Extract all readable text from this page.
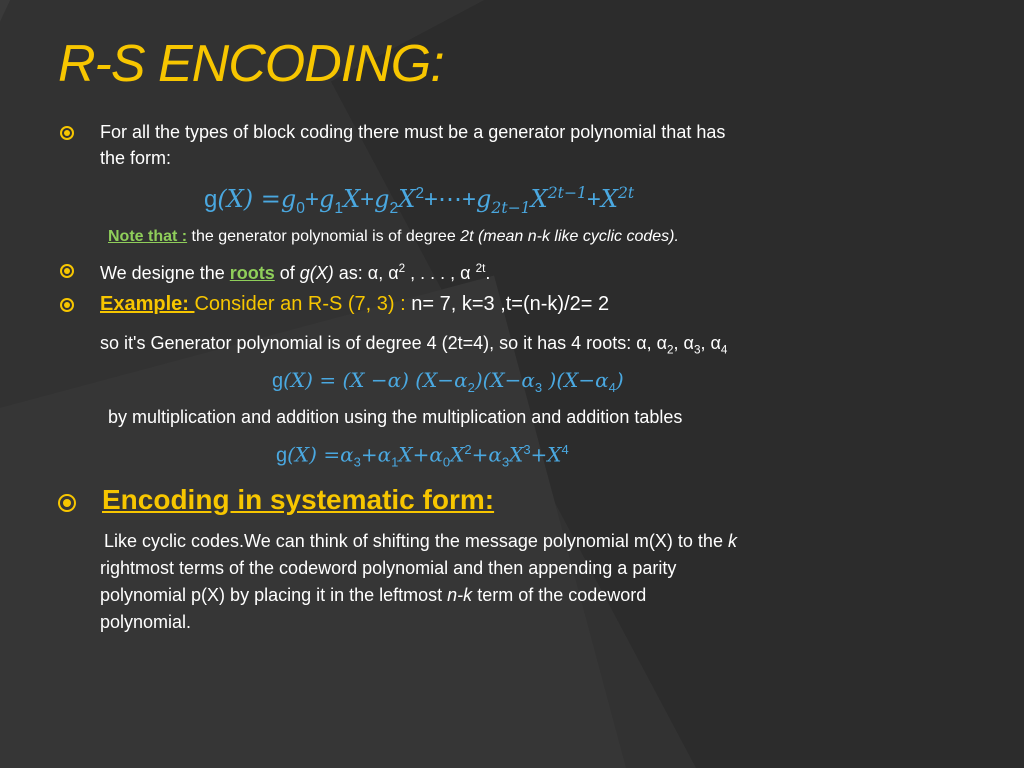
R-S ENCODING:
For all the types of block coding there must be a generator polynomial that has
the form:
$g(X) =g_0+g_1X+g_2X^2+\cdots+g_{2t-1}X^{2t-1}+X^{2t}$
Note that : the generator polynomial is of degree 2t (mean n-k like cyclic codes).
We designe the roots of g(X) as: α, $\alpha^2$ , . . . , α $^{2t}$.
Example: Consider an R-S (7, 3) : n= 7, k=3 ,t=(n-k)/2= 2
so it's Generator polynomial is of degree 4 (2t=4), so it has 4 roots: α, $\alpha_2$, $\alpha_3$, $\alpha_4$
g(X) = (X −α) $(X-\alpha_2)(X-\alpha_3$ )$(X-\alpha_4)$
by multiplication and addition using the multiplication and addition tables
$g(X) =\alpha_3+\alpha_1X+\alpha_0X^2+\alpha_3X^3+X^4$
Encoding in systematic form:
Like cyclic codes.We can think of shifting the message polynomial m(X) to the k
rightmost terms of the codeword polynomial and then appending a parity
polynomial p(X) by placing it in the leftmost n-k term of the codeword
polynomial.
